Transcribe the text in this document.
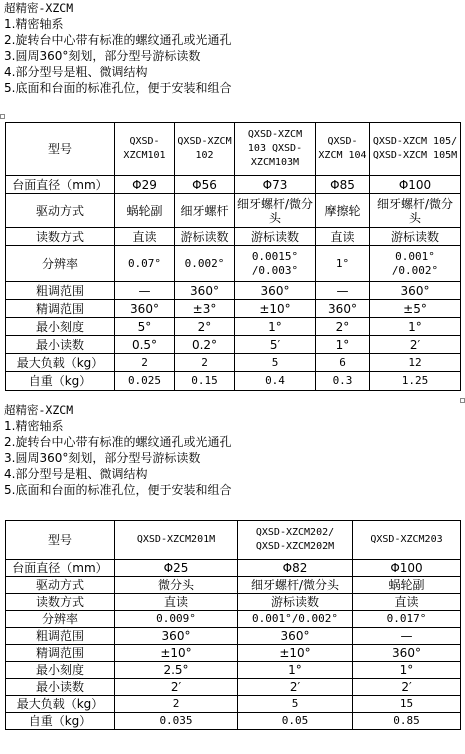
超精密-XZCM
1.精密轴系
2.旋转台中心带有标准的螺纹通孔或光通孔
3.圆周360°刻划，部分型号游标读数
4.部分型号是粗、微调结构
5.底面和台面的标准孔位，便于安装和组合
型号	QXSD-XZCM101	QXSD-XZCM 102	QXSD-XZCM 103 QXSD-XZCM103M	QXSD-XZCM 104	QXSD-XZCM 105/ QXSD-XZCM 105M
台面直径（mm）	Φ29	Φ56	Φ73	Φ85	Φ100
驱动方式	蜗轮副	细牙螺杆	细牙螺杆/微分头	摩擦轮	细牙螺杆/微分头
读数方式	直读	游标读数	游标读数	直读	游标读数
分辨率	0.07°	0.002°	0.0015° /0.003°	1°	0.001° /0.002°
粗调范围	—	360°	360°	—	360°
精调范围	360°	±3°	±10°	360°	±5°
最小刻度	5°	2°	1°	2°	1°
最小读数	0.5°	0.2°	5′	1°	2′
最大负载（kg）	2	2	5	6	12
自重（kg）	0.025	0.15	0.4	0.3	1.25
超精密-XZCM
1.精密轴系
2.旋转台中心带有标准的螺纹通孔或光通孔
3.圆周360°刻划，部分型号游标读数
4.部分型号是粗、微调结构
5.底面和台面的标准孔位，便于安装和组合
型号	QXSD-XZCM201M	QXSD-XZCM202/ QXSD-XZCM202M	QXSD-XZCM203
台面直径（mm）	Φ25	Φ82	Φ100
驱动方式	微分头	细牙螺杆/微分头	蜗轮副
读数方式	直读	游标读数	直读
分辨率	0.009°	0.001°/0.002°	0.017°
粗调范围	360°	360°	—
精调范围	±10°	±10°	360°
最小刻度	2.5°	1°	1°
最小读数	2′	2′	2′
最大负载（kg）	2	5	15
自重（kg）	0.035	0.05	0.85
